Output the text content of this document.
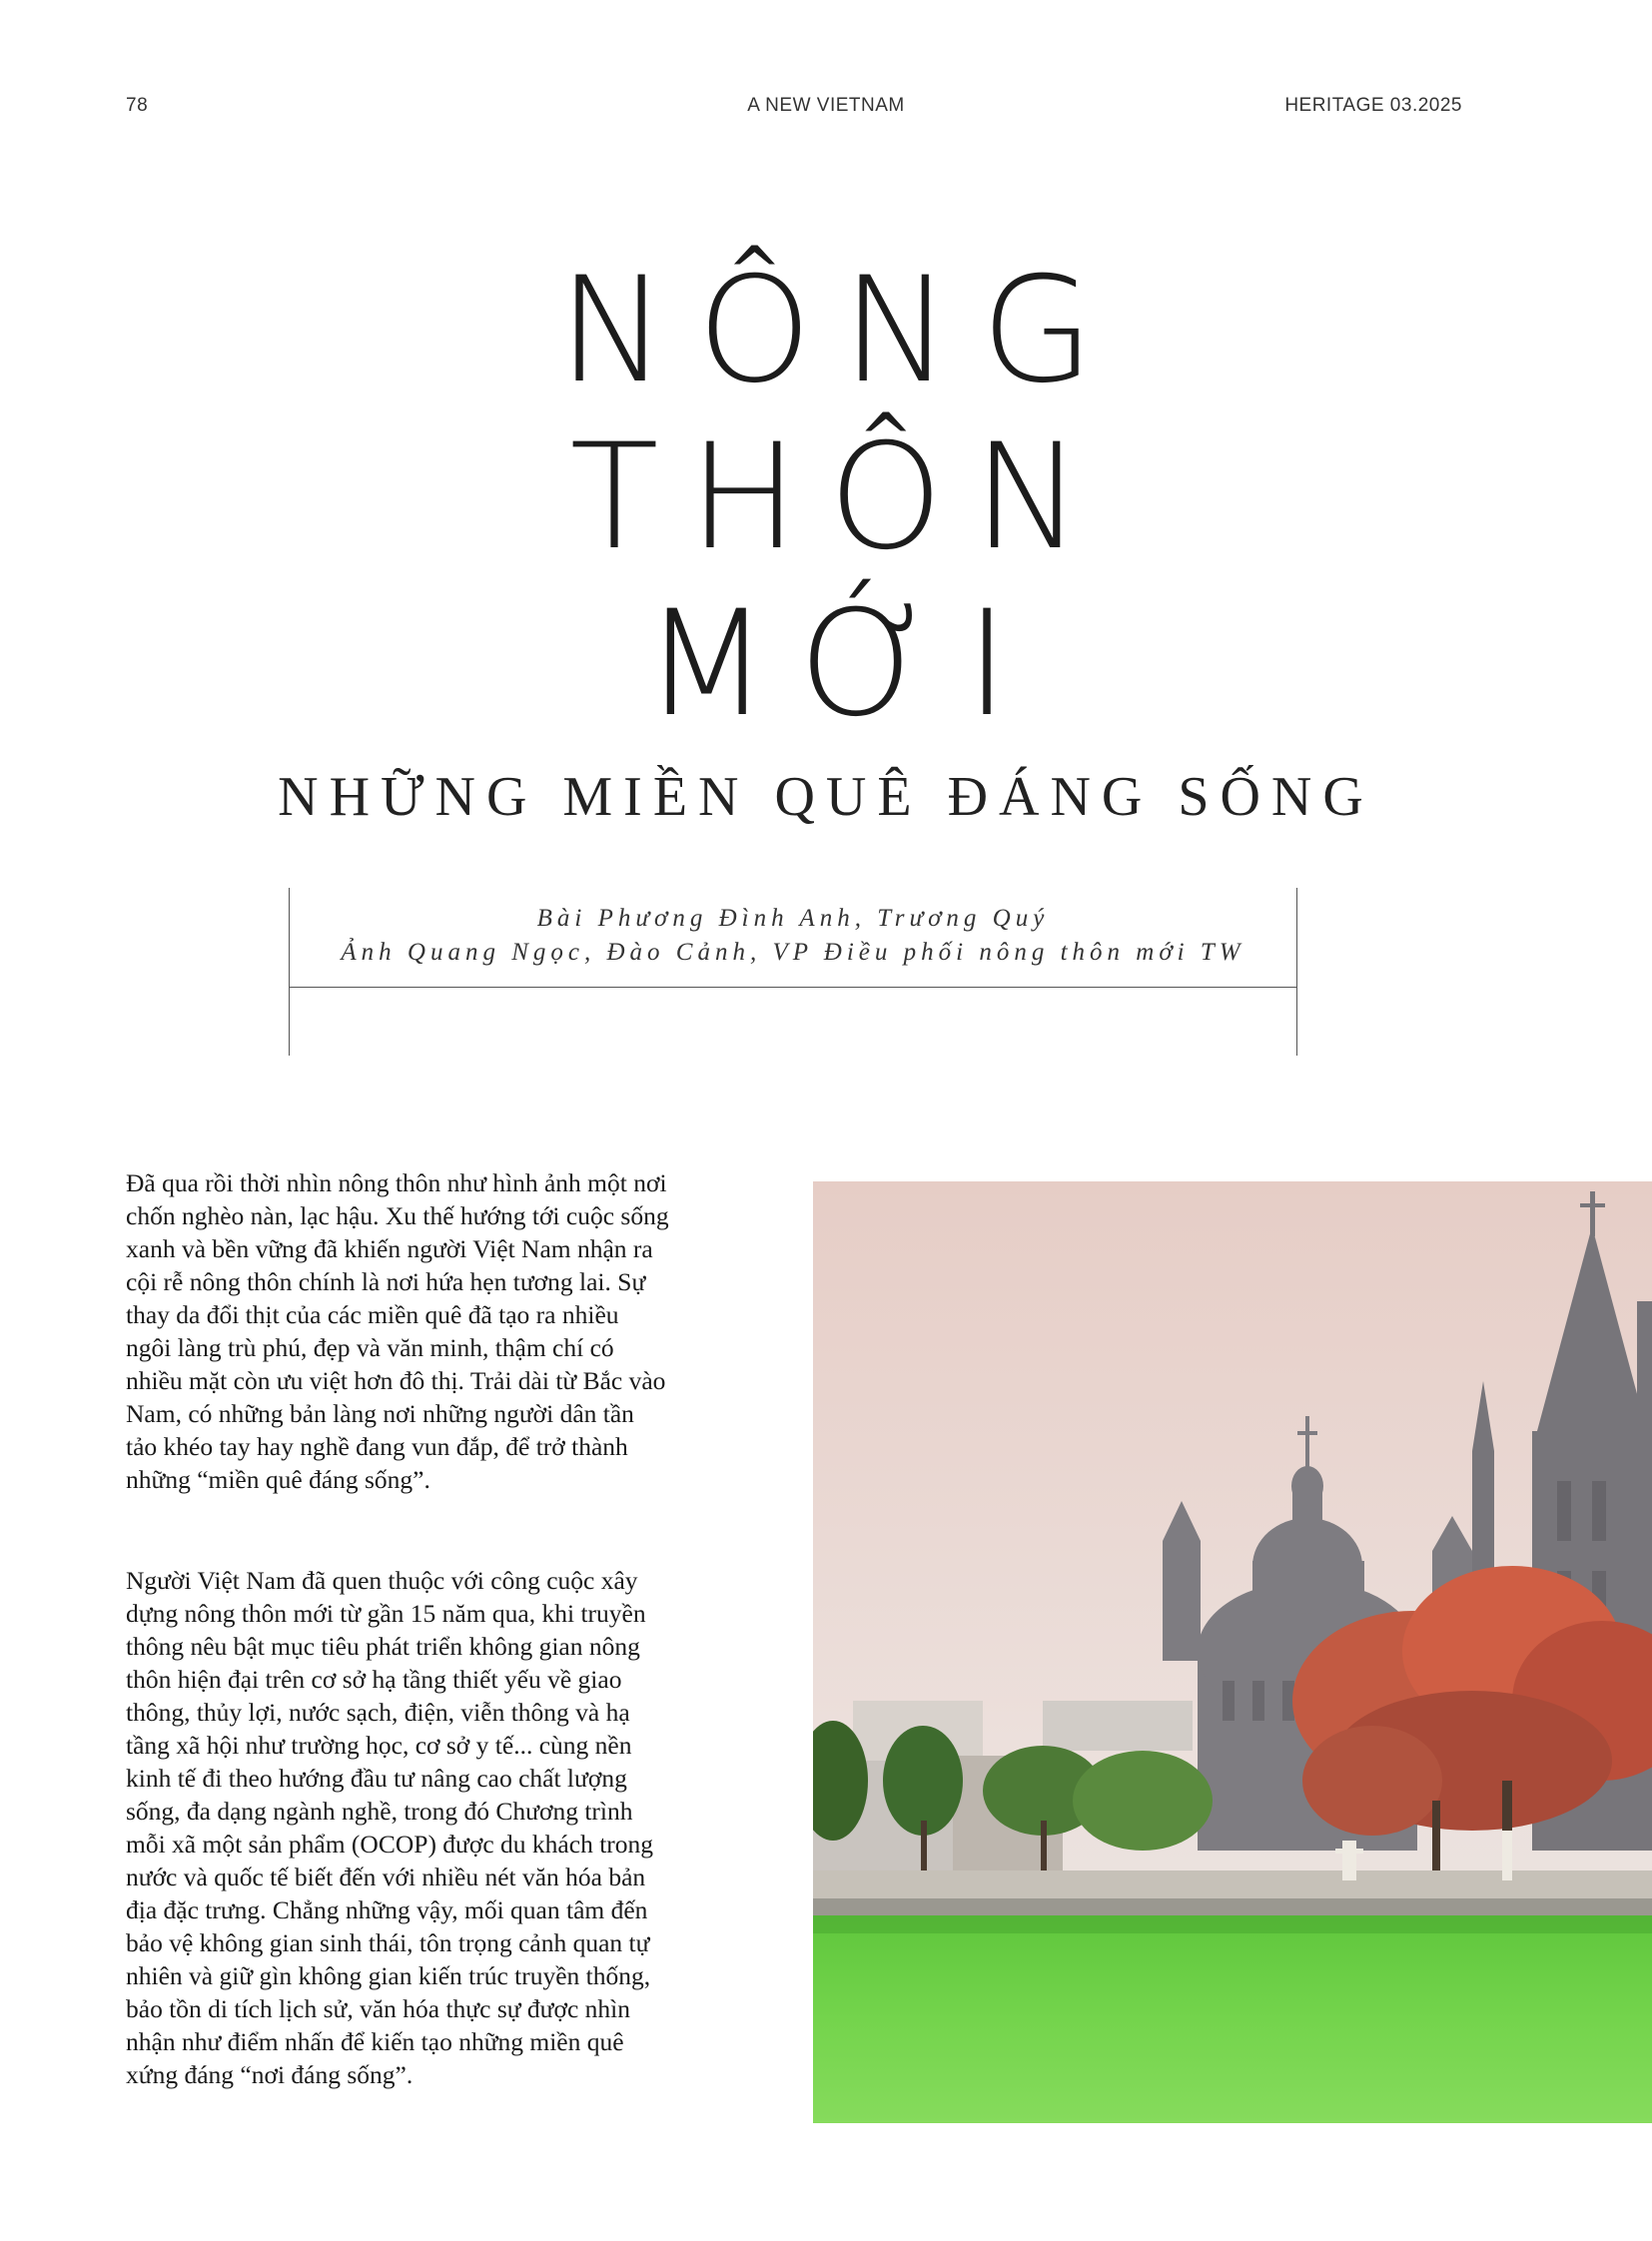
78	A NEW VIETNAM	HERITAGE 03.2025
NÔNG
THÔN
MỚI
NHỮNG MIỀN QUÊ ĐÁNG SỐNG
Bài Phương Đình Anh, Trương Quý
Ảnh Quang Ngọc, Đào Cảnh, VP Điều phối nông thôn mới TW

Đã qua rồi thời nhìn nông thôn như hình ảnh một nơi chốn nghèo nàn, lạc hậu. Xu thế hướng tới cuộc sống xanh và bền vững đã khiến người Việt Nam nhận ra cội rễ nông thôn chính là nơi hứa hẹn tương lai. Sự thay da đổi thịt của các miền quê đã tạo ra nhiều ngôi làng trù phú, đẹp và văn minh, thậm chí có nhiều mặt còn ưu việt hơn đô thị. Trải dài từ Bắc vào Nam, có những bản làng nơi những người dân tần tảo khéo tay hay nghề đang vun đắp, để trở thành những “miền quê đáng sống”.

Người Việt Nam đã quen thuộc với công cuộc xây dựng nông thôn mới từ gần 15 năm qua, khi truyền thông nêu bật mục tiêu phát triển không gian nông thôn hiện đại trên cơ sở hạ tầng thiết yếu về giao thông, thủy lợi, nước sạch, điện, viễn thông và hạ tầng xã hội như trường học, cơ sở y tế... cùng nền kinh tế đi theo hướng đầu tư nâng cao chất lượng sống, đa dạng ngành nghề, trong đó Chương trình mỗi xã một sản phẩm (OCOP) được du khách trong nước và quốc tế biết đến với nhiều nét văn hóa bản địa đặc trưng. Chẳng những vậy, mối quan tâm đến bảo vệ không gian sinh thái, tôn trọng cảnh quan tự nhiên và giữ gìn không gian kiến trúc truyền thống, bảo tồn di tích lịch sử, văn hóa thực sự được nhìn nhận như điểm nhấn để kiến tạo những miền quê xứng đáng “nơi đáng sống”.
